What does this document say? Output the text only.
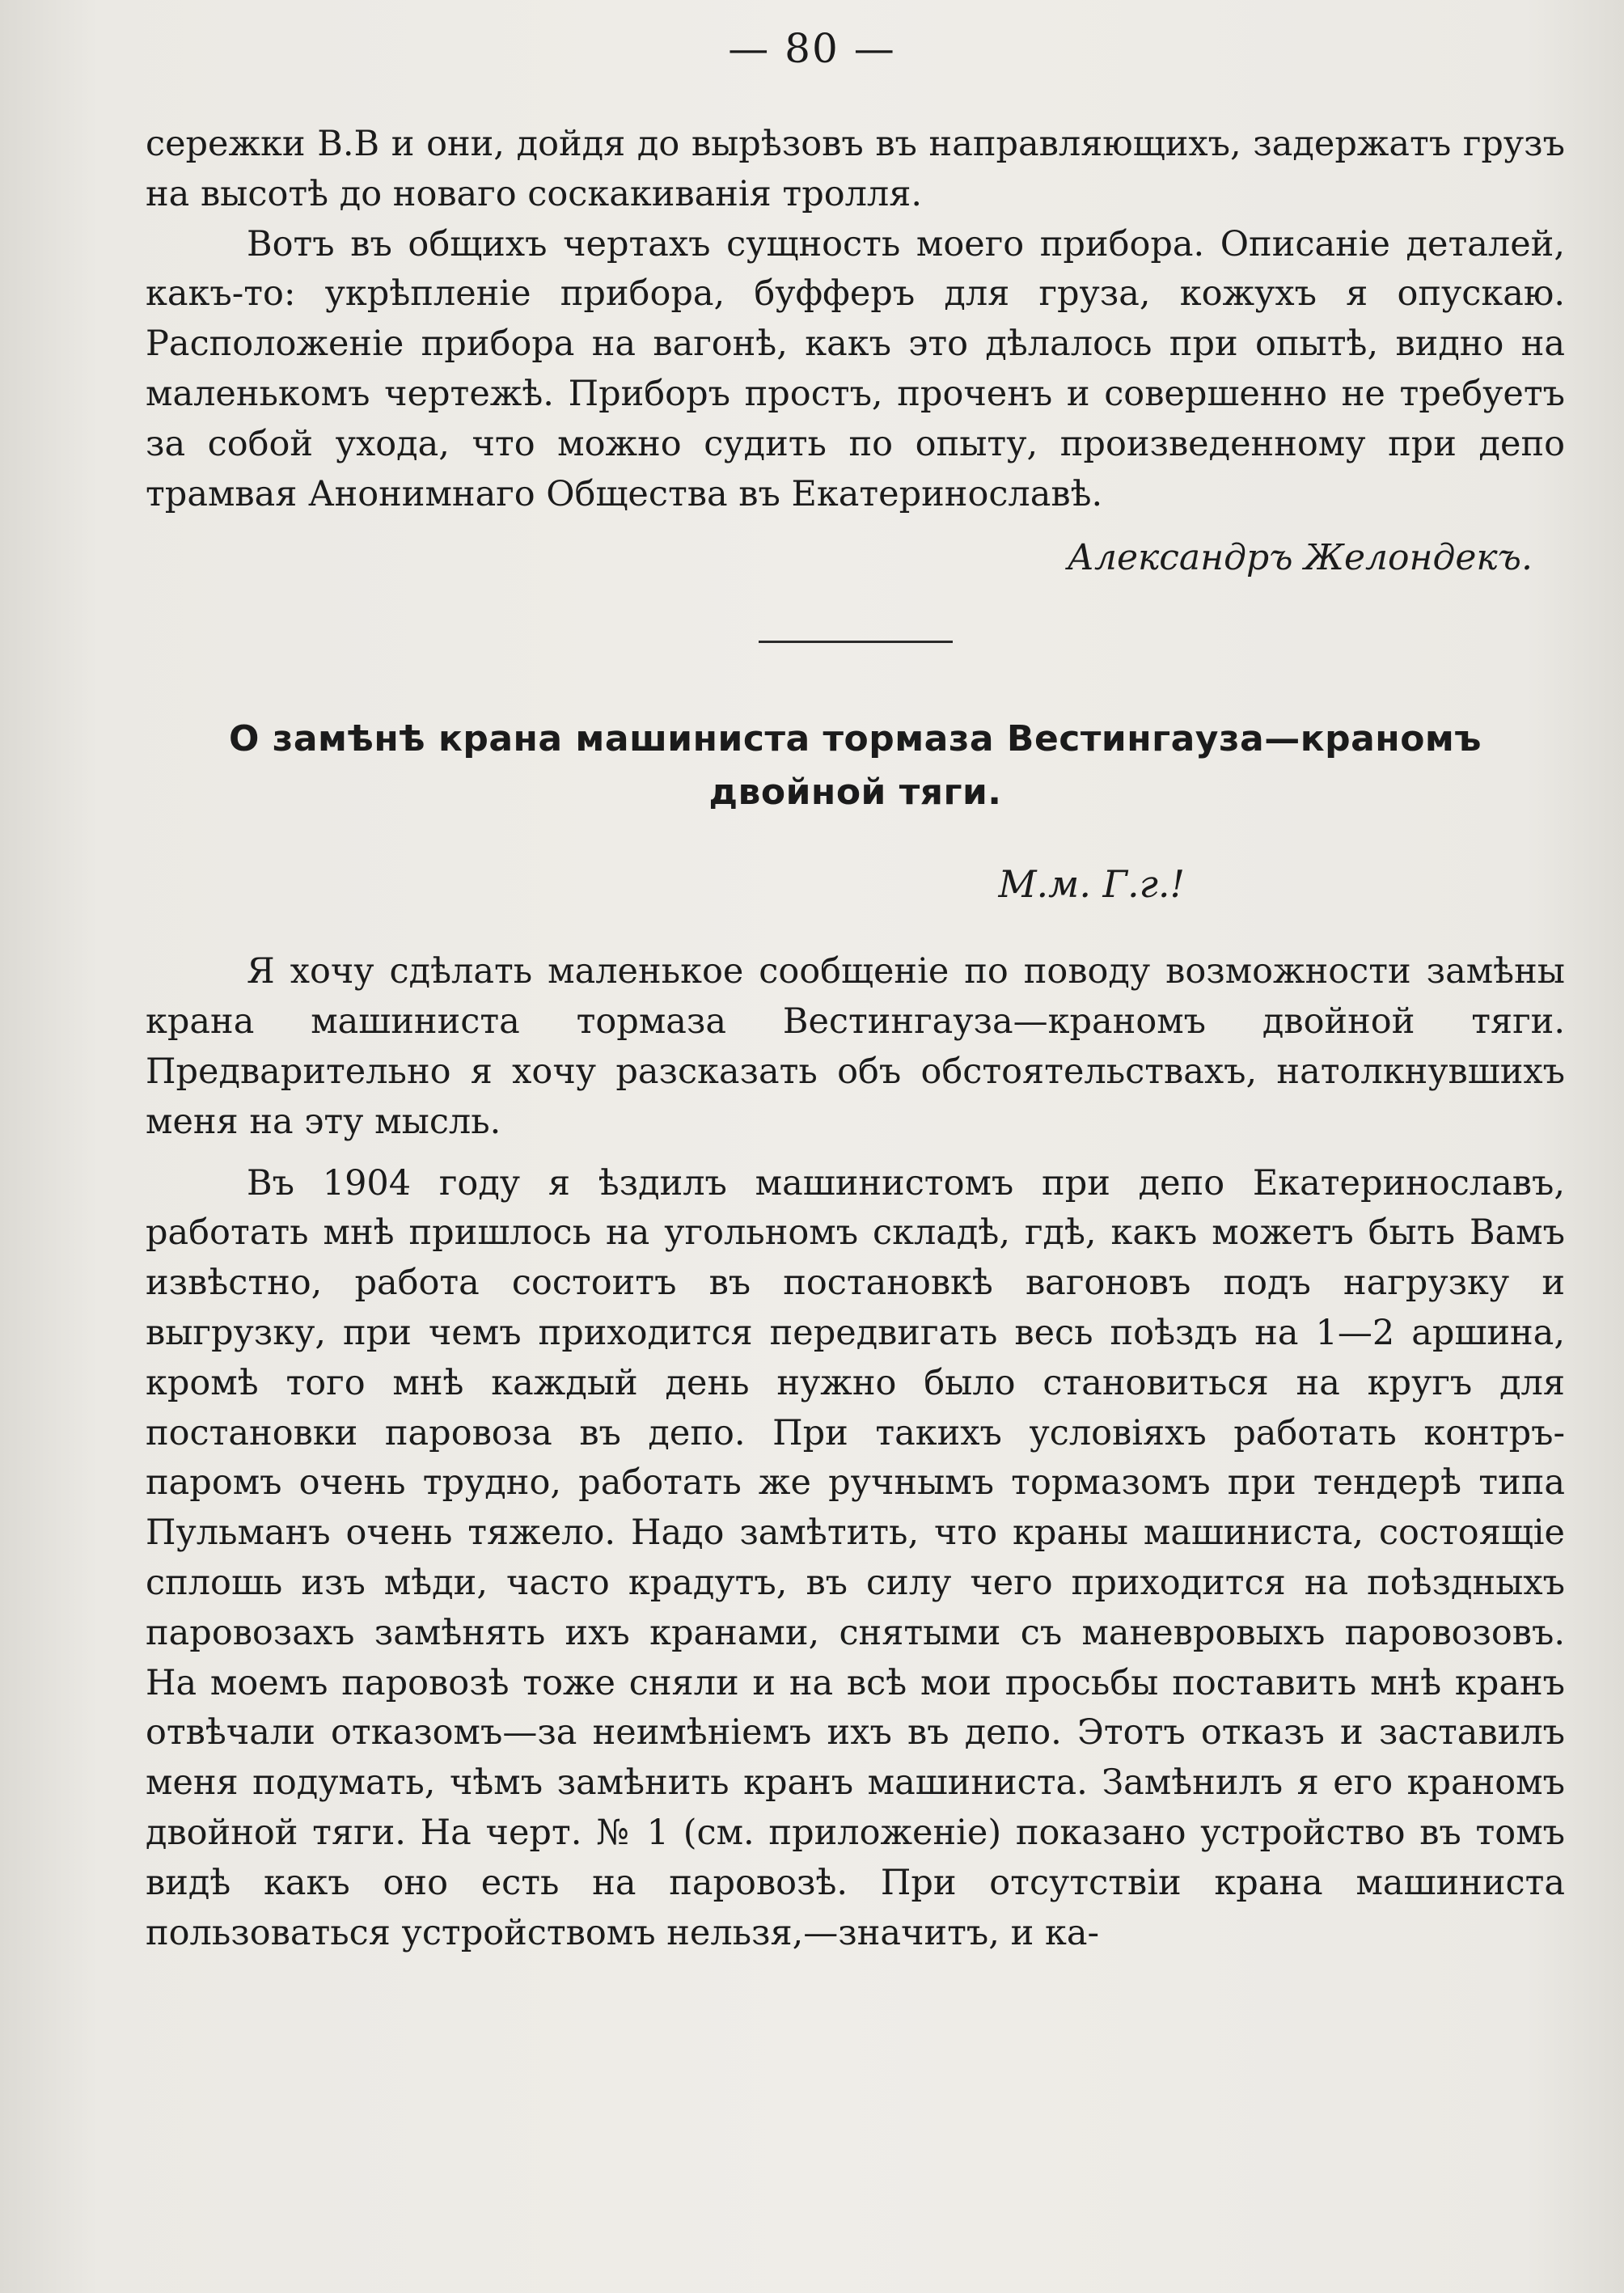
— 80 —

сережки В.В и они, дойдя до вырѣзовъ въ направляющихъ, задержатъ грузъ на высотѣ до новаго соскакиванія тролля.

Вотъ въ общихъ чертахъ сущность моего прибора. Описаніе деталей, какъ-то: укрѣпленіе прибора, буфферъ для груза, кожухъ я опускаю. Расположеніе прибора на вагонѣ, какъ это дѣлалось при опытѣ, видно на маленькомъ чертежѣ. Приборъ простъ, проченъ и совершенно не требуетъ за собой ухода, что можно судить по опыту, произведенному при депо трамвая Анонимнаго Общества въ Екатеринославѣ.

Александръ Желондекъ.
О замѣнѣ крана машиниста тормаза Вестингауза—краномъ двойной тяги.
М.м. Г.г.!

Я хочу сдѣлать маленькое сообщеніе по поводу возможности замѣны крана машиниста тормаза Вестингауза—краномъ двойной тяги. Предварительно я хочу разсказать объ обстоятельствахъ, натолкнувшихъ меня на эту мысль.

Въ 1904 году я ѣздилъ машинистомъ при депо Екатеринославъ, работать мнѣ пришлось на угольномъ складѣ, гдѣ, какъ можетъ быть Вамъ извѣстно, работа состоитъ въ постановкѣ вагоновъ подъ нагрузку и выгрузку, при чемъ приходится передвигать весь поѣздъ на 1—2 аршина, кромѣ того мнѣ каждый день нужно было становиться на кругъ для постановки паровоза въ депо. При такихъ условіяхъ работать контръ-паромъ очень трудно, работать же ручнымъ тормазомъ при тендерѣ типа Пульманъ очень тяжело. Надо замѣтить, что краны машиниста, состоящіе сплошь изъ мѣди, часто крадутъ, въ силу чего приходится на поѣздныхъ паровозахъ замѣнять ихъ кранами, снятыми съ маневровыхъ паровозовъ. На моемъ паровозѣ тоже сняли и на всѣ мои просьбы поставить мнѣ кранъ отвѣчали отказомъ—за неимѣніемъ ихъ въ депо. Этотъ отказъ и заставилъ меня подумать, чѣмъ замѣнить кранъ машиниста. Замѣнилъ я его краномъ двойной тяги. На черт. № 1 (см. приложеніе) показано устройство въ томъ видѣ какъ оно есть на паровозѣ. При отсутствіи крана машиниста пользоваться устройствомъ нельзя,—значитъ, и ка-
